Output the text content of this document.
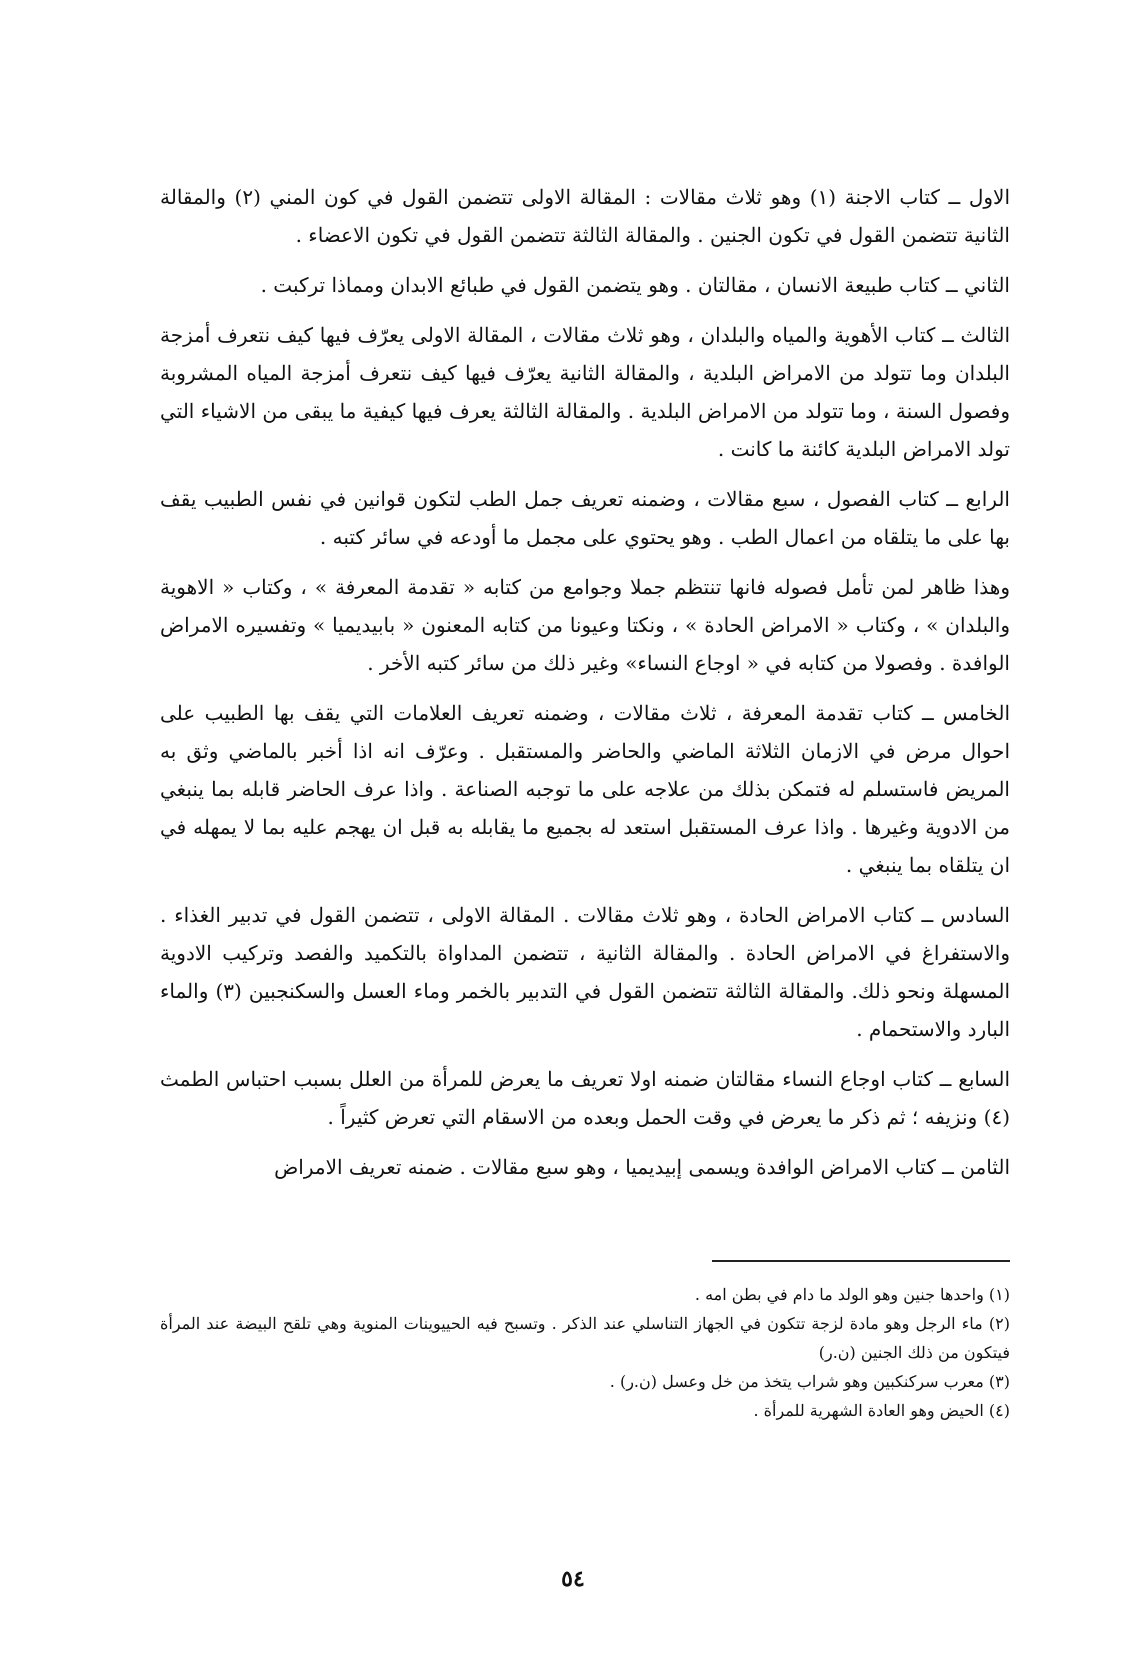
الاول ــ كتاب الاجنة (١) وهو ثلاث مقالات : المقالة الاولى تتضمن القول في كون المني (٢) والمقالة الثانية تتضمن القول في تكون الجنين . والمقالة الثالثة تتضمن القول في تكون الاعضاء .

الثاني ــ كتاب طبيعة الانسان ، مقالتان . وهو يتضمن القول في طبائع الابدان ومماذا تركبت .

الثالث ــ كتاب الأهوية والمياه والبلدان ، وهو ثلاث مقالات ، المقالة الاولى يعرّف فيها كيف نتعرف أمزجة البلدان وما تتولد من الامراض البلدية ، والمقالة الثانية يعرّف فيها كيف نتعرف أمزجة المياه المشروبة وفصول السنة ، وما تتولد من الامراض البلدية . والمقالة الثالثة يعرف فيها كيفية ما يبقى من الاشياء التي تولد الامراض البلدية كائنة ما كانت .

الرابع ــ كتاب الفصول ، سبع مقالات ، وضمنه تعريف جمل الطب لتكون قوانين في نفس الطبيب يقف بها على ما يتلقاه من اعمال الطب . وهو يحتوي على مجمل ما أودعه في سائر كتبه .

وهذا ظاهر لمن تأمل فصوله فانها تنتظم جملا وجوامع من كتابه « تقدمة المعرفة » ، وكتاب « الاهوية والبلدان » ، وكتاب « الامراض الحادة » ، ونكتا وعيونا من كتابه المعنون « بابيديميا » وتفسيره الامراض الوافدة . وفصولا من كتابه في « اوجاع النساء» وغير ذلك من سائر كتبه الأخر .

الخامس ــ كتاب تقدمة المعرفة ، ثلاث مقالات ، وضمنه تعريف العلامات التي يقف بها الطبيب على احوال مرض في الازمان الثلاثة الماضي والحاضر والمستقبل . وعرّف انه اذا أخبر بالماضي وثق به المريض فاستسلم له فتمكن بذلك من علاجه على ما توجبه الصناعة . واذا عرف الحاضر قابله بما ينبغي من الادوية وغيرها . واذا عرف المستقبل استعد له بجميع ما يقابله به قبل ان يهجم عليه بما لا يمهله في ان يتلقاه بما ينبغي .

السادس ــ كتاب الامراض الحادة ، وهو ثلاث مقالات . المقالة الاولى ، تتضمن القول في تدبير الغذاء . والاستفراغ في الامراض الحادة . والمقالة الثانية ، تتضمن المداواة بالتكميد والفصد وتركيب الادوية المسهلة ونحو ذلك. والمقالة الثالثة تتضمن القول في التدبير بالخمر وماء العسل والسكنجبين (٣) والماء البارد والاستحمام .

السابع ــ كتاب اوجاع النساء مقالتان ضمنه اولا تعريف ما يعرض للمرأة من العلل بسبب احتباس الطمث (٤) ونزيفه ؛ ثم ذكر ما يعرض في وقت الحمل وبعده من الاسقام التي تعرض كثيراً .

الثامن ــ كتاب الامراض الوافدة ويسمى إبيديميا ، وهو سبع مقالات . ضمنه تعريف الامراض

(١) واحدها جنين وهو الولد ما دام في بطن امه .

(٢) ماء الرجل وهو مادة لزجة تتكون في الجهاز التناسلي عند الذكر . وتسبح فيه الحييوينات المنوية وهي تلقح البيضة عند المرأة فيتكون من ذلك الجنين (ن.ر)

(٣) معرب سركنكبين وهو شراب يتخذ من خل وعسل (ن.ر) .

(٤) الحيض وهو العادة الشهرية للمرأة .

٥٤
